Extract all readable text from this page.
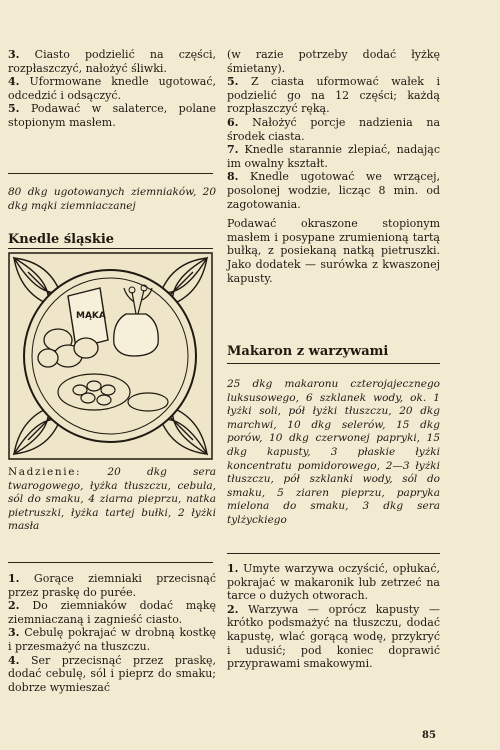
3. Ciasto podzielić na części, rozpłaszczyć, nałożyć śliwki.

4. Uformowane knedle ugotować, odcedzić i odsączyć.

5. Podawać w salaterce, polane stopionym masłem.

80 dkg ugotowanych ziemniaków, 20 dkg mąki ziemniaczanej

Knedle śląskie
MĄKA

Nadzienie: 20 dkg sera twarogowego, łyżka tłuszczu, cebula, sól do smaku, 4 ziarna pieprzu, natka pietruszki, łyżka tartej bułki, 2 łyżki masła

1. Gorące ziemniaki przecisnąć przez praskę do purée.

2. Do ziemniaków dodać mąkę ziemniaczaną i zagnieść ciasto.

3. Cebulę pokrajać w drobną kostkę i przesmażyć na tłuszczu.

4. Ser przecisnąć przez praskę, dodać cebulę, sól i pieprz do smaku; dobrze wymieszać

(w razie potrzeby dodać łyżkę śmietany).

5. Z ciasta uformować wałek i podzielić go na 12 części; każdą rozpłaszczyć ręką.

6. Nałożyć porcje nadzienia na środek ciasta.

7. Knedle starannie zlepiać, nadając im owalny kształt.

8. Knedle ugotować we wrzącej, posolonej wodzie, licząc 8 min. od zagotowania.

Podawać okraszone stopionym masłem i posypane zrumienioną tartą bułką, z posiekaną natką pietruszki. Jako dodatek — surówka z kwaszonej kapusty.

Makaron z warzywami

25 dkg makaronu czterojajecznego luksusowego, 6 szklanek wody, ok. 1 łyżki soli, pół łyżki tłuszczu, 20 dkg marchwi, 10 dkg selerów, 15 dkg porów, 10 dkg czerwonej papryki, 15 dkg kapusty, 3 płaskie łyżki koncentratu pomidorowego, 2—3 łyżki tłuszczu, pół szklanki wody, sól do smaku, 5 ziaren pieprzu, papryka mielona do smaku, 3 dkg sera tylżyckiego

1. Umyte warzywa oczyścić, opłukać, pokrajać w makaronik lub zetrzeć na tarce o dużych otworach.

2. Warzywa — oprócz kapusty — krótko podsmażyć na tłuszczu, dodać kapustę, wlać gorącą wodę, przykryć i udusić; pod koniec doprawić przyprawami smakowymi.

85
